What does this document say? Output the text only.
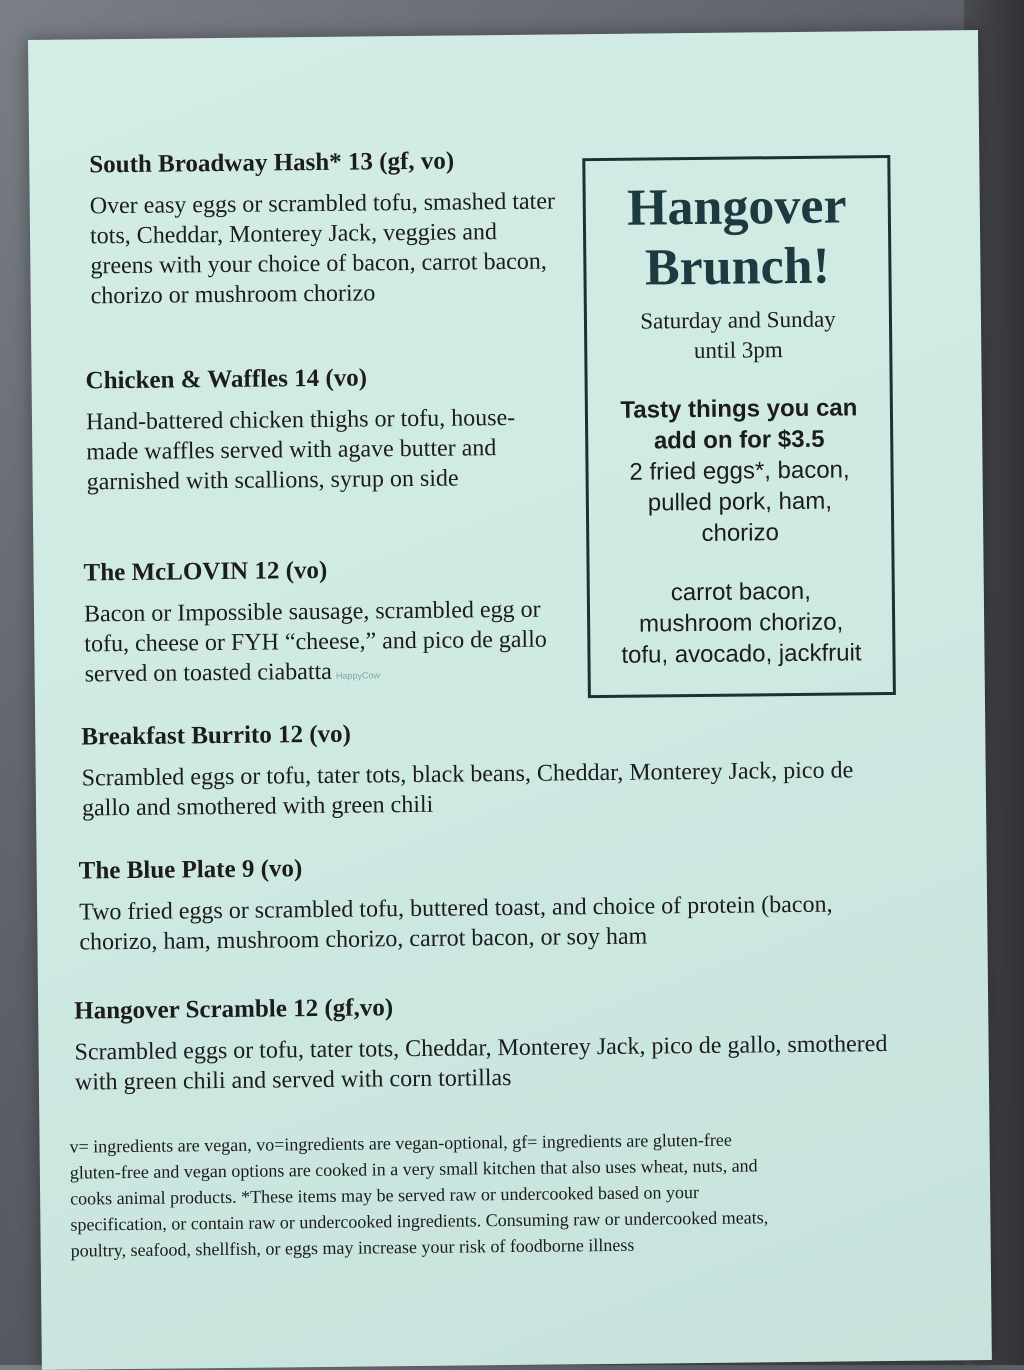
South Broadway Hash* 13 (gf, vo)

Over easy eggs or scrambled tofu, smashed tater tots, Cheddar, Monterey Jack, veggies and greens with your choice of bacon, carrot bacon, chorizo or mushroom chorizo

Chicken & Waffles 14 (vo)

Hand-battered chicken thighs or tofu, house-made waffles served with agave butter and garnished with scallions, syrup on side

The McLOVIN 12 (vo)

Bacon or Impossible sausage, scrambled egg or tofu, cheese or FYH “cheese,” and pico de gallo served on toasted ciabatta HappyCow

Breakfast Burrito 12 (vo)

Scrambled eggs or tofu, tater tots, black beans, Cheddar, Monterey Jack, pico de gallo and smothered with green chili

The Blue Plate 9 (vo)

Two fried eggs or scrambled tofu, buttered toast, and choice of protein (bacon, chorizo, ham, mushroom chorizo, carrot bacon, or soy ham

Hangover Scramble 12 (gf,vo)

Scrambled eggs or tofu, tater tots, Cheddar, Monterey Jack, pico de gallo, smothered with green chili and served with corn tortillas

Hangover
Brunch!
Saturday and Sunday
until 3pm
Tasty things you can
add on for $3.5
2 fried eggs*, bacon,
pulled pork, ham,
chorizo
carrot bacon,
mushroom chorizo,
tofu, avocado, jackfruit
v= ingredients are vegan, vo=ingredients are vegan-optional, gf= ingredients are gluten-free
gluten-free and vegan options are cooked in a very small kitchen that also uses wheat, nuts, and
cooks animal products. *These items may be served raw or undercooked based on your
specification, or contain raw or undercooked ingredients. Consuming raw or undercooked meats,
poultry, seafood, shellfish, or eggs may increase your risk of foodborne illness
